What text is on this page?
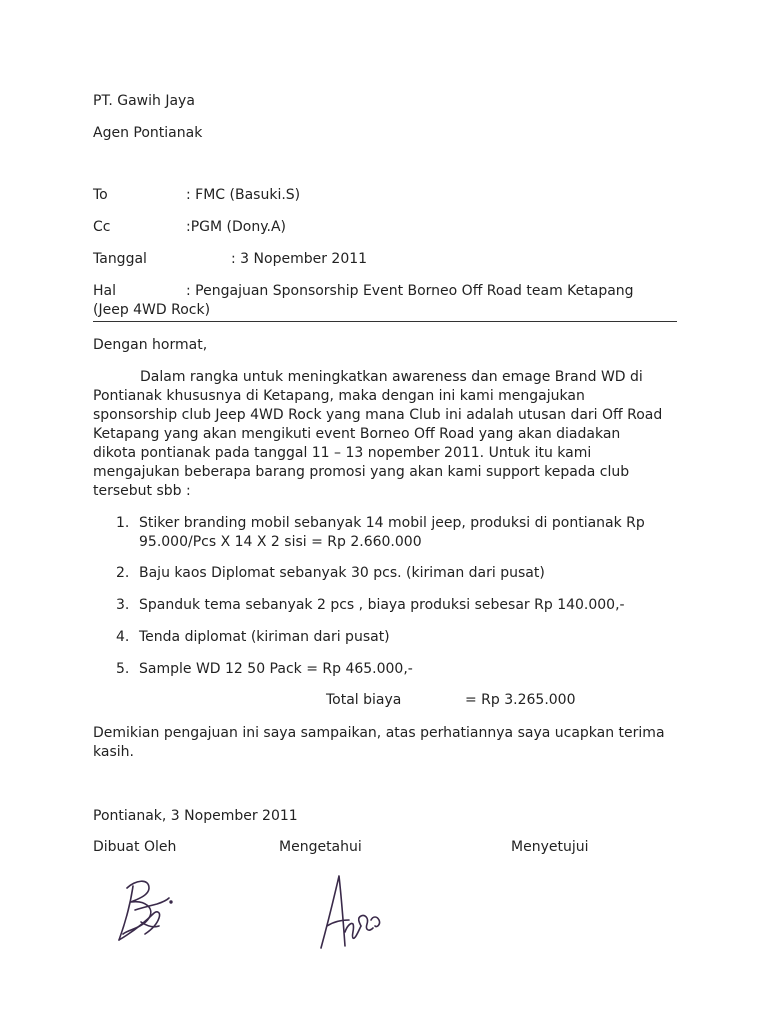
PT. Gawih Jaya
Agen Pontianak
To	: FMC (Basuki.S)
Cc	:PGM (Dony.A)
Tanggal	: 3 Nopember 2011
Hal	: Pengajuan Sponsorship Event Borneo Off Road team Ketapang
(Jeep 4WD Rock)
Dengan hormat,
Dalam rangka untuk meningkatkan awareness dan emage Brand WD di
Pontianak khususnya di Ketapang, maka dengan ini kami mengajukan
sponsorship club Jeep 4WD Rock yang mana Club ini adalah utusan dari Off Road
Ketapang yang akan mengikuti event Borneo Off Road yang akan diadakan
dikota pontianak pada tanggal 11 – 13 nopember 2011. Untuk itu kami
mengajukan beberapa barang promosi yang akan kami support kepada club
tersebut sbb :
1. Stiker branding mobil sebanyak 14 mobil jeep, produksi di pontianak Rp
95.000/Pcs X 14 X 2 sisi = Rp 2.660.000
2. Baju kaos Diplomat sebanyak 30 pcs. (kiriman dari pusat)
3. Spanduk tema sebanyak 2 pcs , biaya produksi sebesar Rp 140.000,-
4. Tenda diplomat (kiriman dari pusat)
5. Sample WD 12 50 Pack = Rp 465.000,-
Total biaya	= Rp 3.265.000
Demikian pengajuan ini saya sampaikan, atas perhatiannya saya ucapkan terima
kasih.
Pontianak, 3 Nopember 2011
Dibuat Oleh	Mengetahui	Menyetujui
